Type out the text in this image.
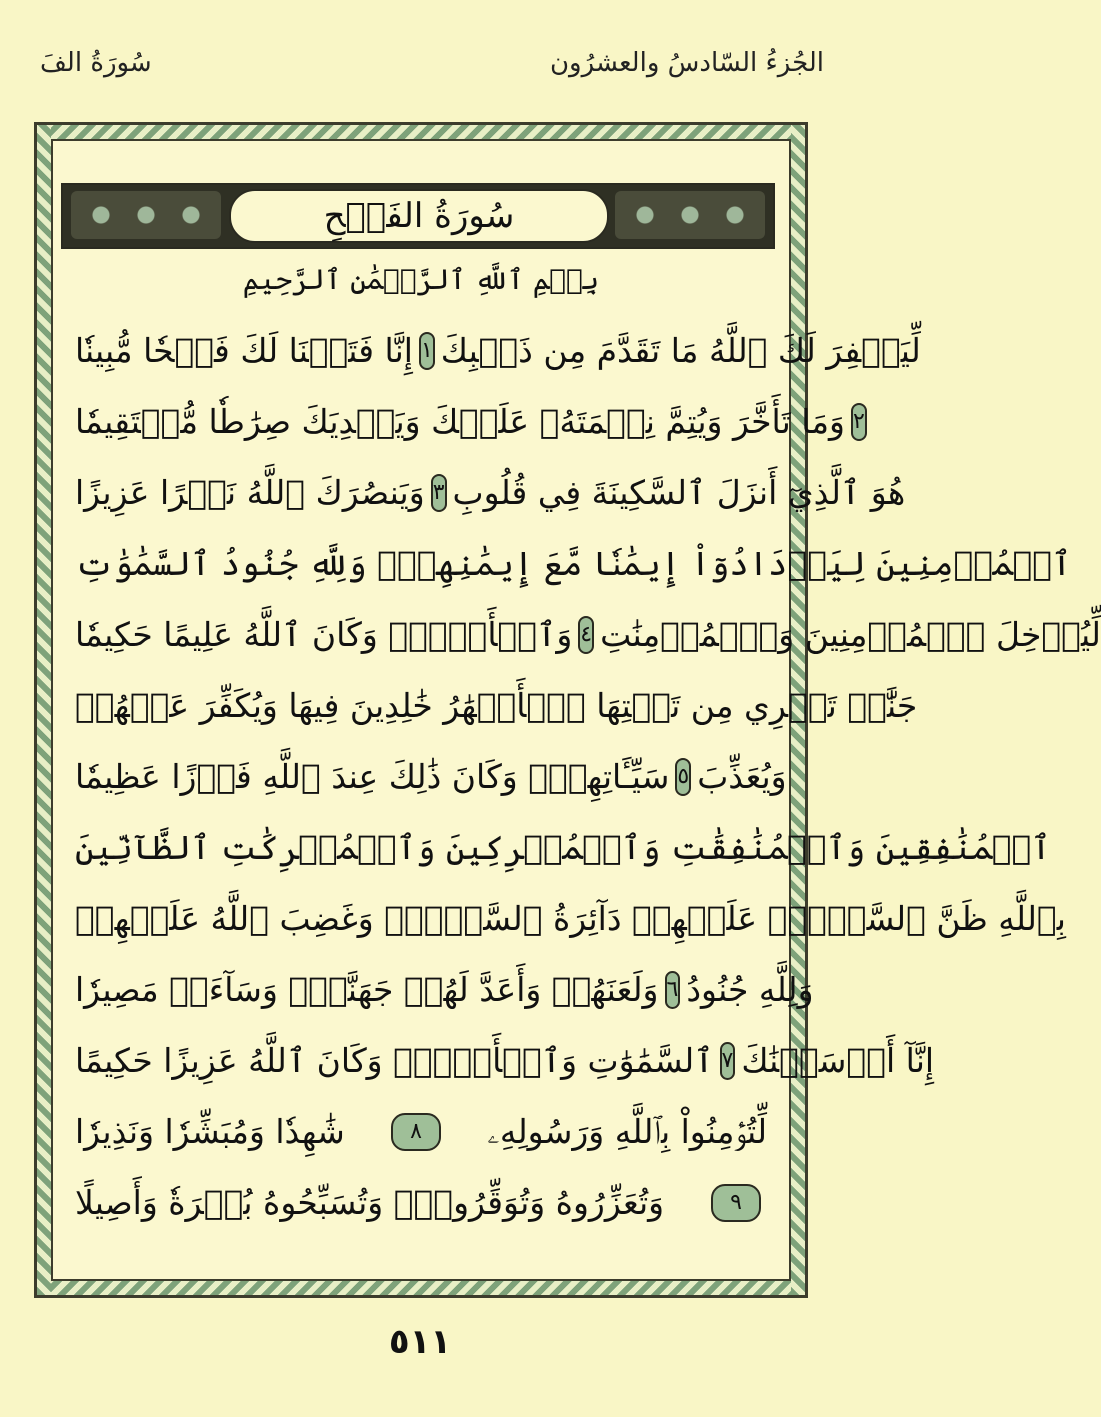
سُورَةُ الفَ	الجُزءُ السّادسُ والعشرُون
سُورَةُ الفَتۡحِ
بِسۡمِ ٱللَّهِ ٱلرَّحۡمَٰنِ ٱلرَّحِيمِ
إِنَّا فَتَحۡنَا لَكَ فَتۡحٗا مُّبِينٗا ١ لِّيَغۡفِرَ لَكَ ٱللَّهُ مَا تَقَدَّمَ مِن ذَنۢبِكَ
وَمَا تَأَخَّرَ وَيُتِمَّ نِعۡمَتَهُۥ عَلَيۡكَ وَيَهۡدِيَكَ صِرَٰطٗا مُّسۡتَقِيمٗا ٢
وَيَنصُرَكَ ٱللَّهُ نَصۡرًا عَزِيزًا ٣ هُوَ ٱلَّذِيٓ أَنزَلَ ٱلسَّكِينَةَ فِي قُلُوبِ
ٱلۡمُؤۡمِنِينَ لِيَزۡدَادُوٓاْ إِيمَٰنٗا مَّعَ إِيمَٰنِهِمۡۗ وَلِلَّهِ جُنُودُ ٱلسَّمَٰوَٰتِ
وَٱلۡأَرۡضِۚ وَكَانَ ٱللَّهُ عَلِيمًا حَكِيمٗا ٤ لِّيُدۡخِلَ ٱلۡمُؤۡمِنِينَ وَٱلۡمُؤۡمِنَٰتِ
جَنَّٰتٖ تَجۡرِي مِن تَحۡتِهَا ٱلۡأَنۡهَٰرُ خَٰلِدِينَ فِيهَا وَيُكَفِّرَ عَنۡهُمۡ
سَيِّـَٔاتِهِمۡۚ وَكَانَ ذَٰلِكَ عِندَ ٱللَّهِ فَوۡزًا عَظِيمٗا ٥ وَيُعَذِّبَ
ٱلۡمُنَٰفِقِينَ وَٱلۡمُنَٰفِقَٰتِ وَٱلۡمُشۡرِكِينَ وَٱلۡمُشۡرِكَٰتِ ٱلظَّآنِّينَ
بِٱللَّهِ ظَنَّ ٱلسَّوۡءِۚ عَلَيۡهِمۡ دَآئِرَةُ ٱلسَّوۡءِۖ وَغَضِبَ ٱللَّهُ عَلَيۡهِمۡ
وَلَعَنَهُمۡ وَأَعَدَّ لَهُمۡ جَهَنَّمَۖ وَسَآءَتۡ مَصِيرٗا ٦ وَلِلَّهِ جُنُودُ
ٱلسَّمَٰوَٰتِ وَٱلۡأَرۡضِۚ وَكَانَ ٱللَّهُ عَزِيزًا حَكِيمًا ٧ إِنَّآ أَرۡسَلۡنَٰكَ
شَٰهِدٗا وَمُبَشِّرٗا وَنَذِيرٗا	٨	لِّتُؤۡمِنُواْ بِٱللَّهِ وَرَسُولِهِۦ
وَتُعَزِّرُوهُ وَتُوَقِّرُوهُۚ وَتُسَبِّحُوهُ بُكۡرَةٗ وَأَصِيلًا	٩
٥١١
